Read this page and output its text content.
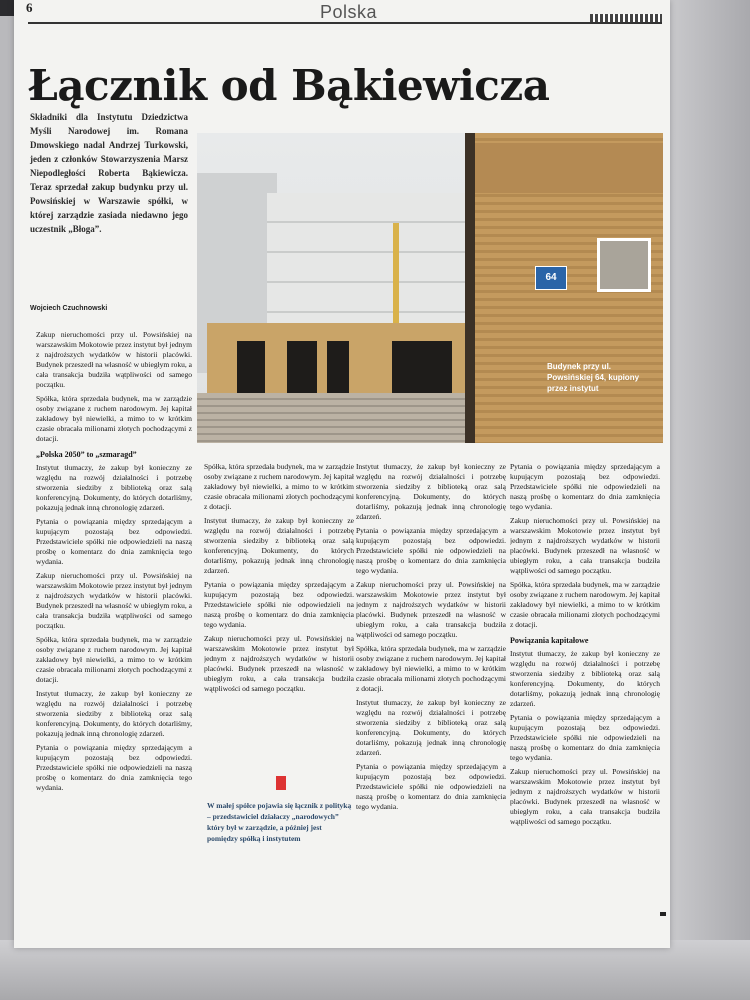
6	Polska
Łącznik od Bąkiewicza
Składniki dla Instytutu Dziedzictwa Myśli Narodowej im. Romana Dmowskiego nadal Andrzej Turkowski, jeden z członków Stowarzyszenia Marsz Niepodległości Roberta Bąkiewicza. Teraz sprzedał zakup budynku przy ul. Powsińskiej w Warszawie spółki, w której zarządzie zasiada niedawno jego uczestnik „Błoga”.
Wojciech Czuchnowski
64
Budynek przy ul. Powsińskiej 64, kupiony przez instytut

Zakup nieruchomości przy ul. Powsińskiej na warszawskim Mokotowie przez instytut był jednym z najdroższych wydatków w historii placówki. Budynek przeszedł na własność w ubiegłym roku, a cała transakcja budziła wątpliwości od samego początku.

Spółka, która sprzedała budynek, ma w zarządzie osoby związane z ruchem narodowym. Jej kapitał zakładowy był niewielki, a mimo to w krótkim czasie obracała milionami złotych pochodzącymi z dotacji.

„Polska 2050” to „szmaragd”

Instytut tłumaczy, że zakup był konieczny ze względu na rozwój działalności i potrzebę stworzenia siedziby z biblioteką oraz salą konferencyjną. Dokumenty, do których dotarliśmy, pokazują jednak inną chronologię zdarzeń.

Pytania o powiązania między sprzedającym a kupującym pozostają bez odpowiedzi. Przedstawiciele spółki nie odpowiedzieli na naszą prośbę o komentarz do dnia zamknięcia tego wydania.

Zakup nieruchomości przy ul. Powsińskiej na warszawskim Mokotowie przez instytut był jednym z najdroższych wydatków w historii placówki. Budynek przeszedł na własność w ubiegłym roku, a cała transakcja budziła wątpliwości od samego początku.

Spółka, która sprzedała budynek, ma w zarządzie osoby związane z ruchem narodowym. Jej kapitał zakładowy był niewielki, a mimo to w krótkim czasie obracała milionami złotych pochodzącymi z dotacji.

Instytut tłumaczy, że zakup był konieczny ze względu na rozwój działalności i potrzebę stworzenia siedziby z biblioteką oraz salą konferencyjną. Dokumenty, do których dotarliśmy, pokazują jednak inną chronologię zdarzeń.

Pytania o powiązania między sprzedającym a kupującym pozostają bez odpowiedzi. Przedstawiciele spółki nie odpowiedzieli na naszą prośbę o komentarz do dnia zamknięcia tego wydania.

Spółka, która sprzedała budynek, ma w zarządzie osoby związane z ruchem narodowym. Jej kapitał zakładowy był niewielki, a mimo to w krótkim czasie obracała milionami złotych pochodzącymi z dotacji.

Instytut tłumaczy, że zakup był konieczny ze względu na rozwój działalności i potrzebę stworzenia siedziby z biblioteką oraz salą konferencyjną. Dokumenty, do których dotarliśmy, pokazują jednak inną chronologię zdarzeń.

Pytania o powiązania między sprzedającym a kupującym pozostają bez odpowiedzi. Przedstawiciele spółki nie odpowiedzieli na naszą prośbę o komentarz do dnia zamknięcia tego wydania.

Zakup nieruchomości przy ul. Powsińskiej na warszawskim Mokotowie przez instytut był jednym z najdroższych wydatków w historii placówki. Budynek przeszedł na własność w ubiegłym roku, a cała transakcja budziła wątpliwości od samego początku.

W małej spółce pojawia się łącznik z polityką – przedstawiciel działaczy „narodowych” który był w zarządzie, a później jest pomiędzy spółką i instytutem

Instytut tłumaczy, że zakup był konieczny ze względu na rozwój działalności i potrzebę stworzenia siedziby z biblioteką oraz salą konferencyjną. Dokumenty, do których dotarliśmy, pokazują jednak inną chronologię zdarzeń.

Pytania o powiązania między sprzedającym a kupującym pozostają bez odpowiedzi. Przedstawiciele spółki nie odpowiedzieli na naszą prośbę o komentarz do dnia zamknięcia tego wydania.

Zakup nieruchomości przy ul. Powsińskiej na warszawskim Mokotowie przez instytut był jednym z najdroższych wydatków w historii placówki. Budynek przeszedł na własność w ubiegłym roku, a cała transakcja budziła wątpliwości od samego początku.

Spółka, która sprzedała budynek, ma w zarządzie osoby związane z ruchem narodowym. Jej kapitał zakładowy był niewielki, a mimo to w krótkim czasie obracała milionami złotych pochodzącymi z dotacji.

Instytut tłumaczy, że zakup był konieczny ze względu na rozwój działalności i potrzebę stworzenia siedziby z biblioteką oraz salą konferencyjną. Dokumenty, do których dotarliśmy, pokazują jednak inną chronologię zdarzeń.

Pytania o powiązania między sprzedającym a kupującym pozostają bez odpowiedzi. Przedstawiciele spółki nie odpowiedzieli na naszą prośbę o komentarz do dnia zamknięcia tego wydania.

Pytania o powiązania między sprzedającym a kupującym pozostają bez odpowiedzi. Przedstawiciele spółki nie odpowiedzieli na naszą prośbę o komentarz do dnia zamknięcia tego wydania.

Zakup nieruchomości przy ul. Powsińskiej na warszawskim Mokotowie przez instytut był jednym z najdroższych wydatków w historii placówki. Budynek przeszedł na własność w ubiegłym roku, a cała transakcja budziła wątpliwości od samego początku.

Spółka, która sprzedała budynek, ma w zarządzie osoby związane z ruchem narodowym. Jej kapitał zakładowy był niewielki, a mimo to w krótkim czasie obracała milionami złotych pochodzącymi z dotacji.

Powiązania kapitałowe

Instytut tłumaczy, że zakup był konieczny ze względu na rozwój działalności i potrzebę stworzenia siedziby z biblioteką oraz salą konferencyjną. Dokumenty, do których dotarliśmy, pokazują jednak inną chronologię zdarzeń.

Pytania o powiązania między sprzedającym a kupującym pozostają bez odpowiedzi. Przedstawiciele spółki nie odpowiedzieli na naszą prośbę o komentarz do dnia zamknięcia tego wydania.

Zakup nieruchomości przy ul. Powsińskiej na warszawskim Mokotowie przez instytut był jednym z najdroższych wydatków w historii placówki. Budynek przeszedł na własność w ubiegłym roku, a cała transakcja budziła wątpliwości od samego początku.
